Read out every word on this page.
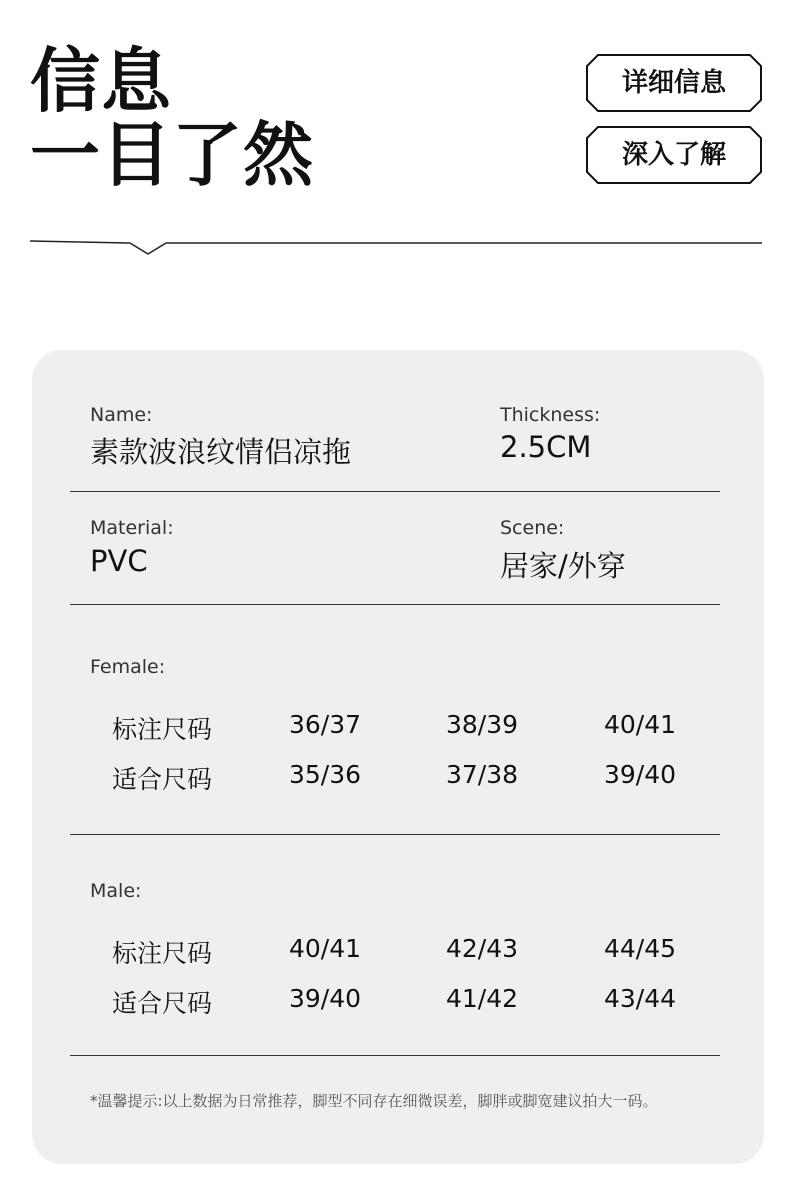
信息
一目了然
详细信息
深入了解
Name:
素款波浪纹情侣凉拖
Thickness:
2.5CM
Material:
PVC
Scene:
居家/外穿
Female:
标注尺码	36/37	38/39	40/41
适合尺码	35/36	37/38	39/40
Male:
标注尺码	40/41	42/43	44/45
适合尺码	39/40	41/42	43/44
*温馨提示:以上数据为日常推荐，脚型不同存在细微误差，脚胖或脚宽建议拍大一码。
